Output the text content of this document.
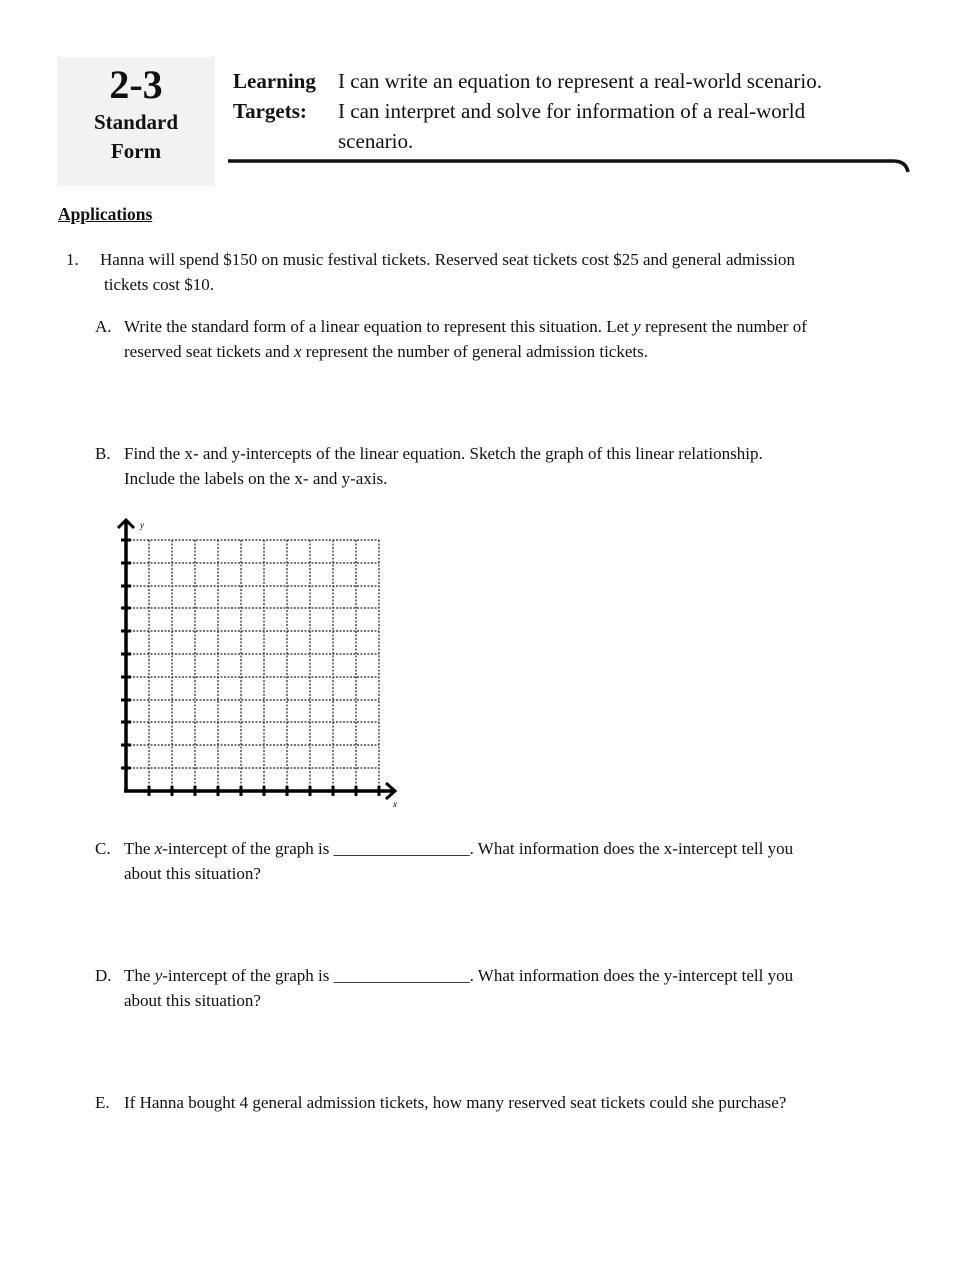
2-3
Standard
Form
Learning
Targets:
I can write an equation to represent a real-world scenario.
I can interpret and solve for information of a real-world
scenario.
Applications
1. Hanna will spend $150 on music festival tickets. Reserved seat tickets cost $25 and general admission
tickets cost $10.
A. Write the standard form of a linear equation to represent this situation. Let y represent the number of
reserved seat tickets and x represent the number of general admission tickets.
B. Find the x- and y-intercepts of the linear equation. Sketch the graph of this linear relationship.
Include the labels on the x- and y-axis.
y
x
C. The x-intercept of the graph is ________________. What information does the x-intercept tell you
about this situation?
D. The y-intercept of the graph is ________________. What information does the y-intercept tell you
about this situation?
E. If Hanna bought 4 general admission tickets, how many reserved seat tickets could she purchase?
